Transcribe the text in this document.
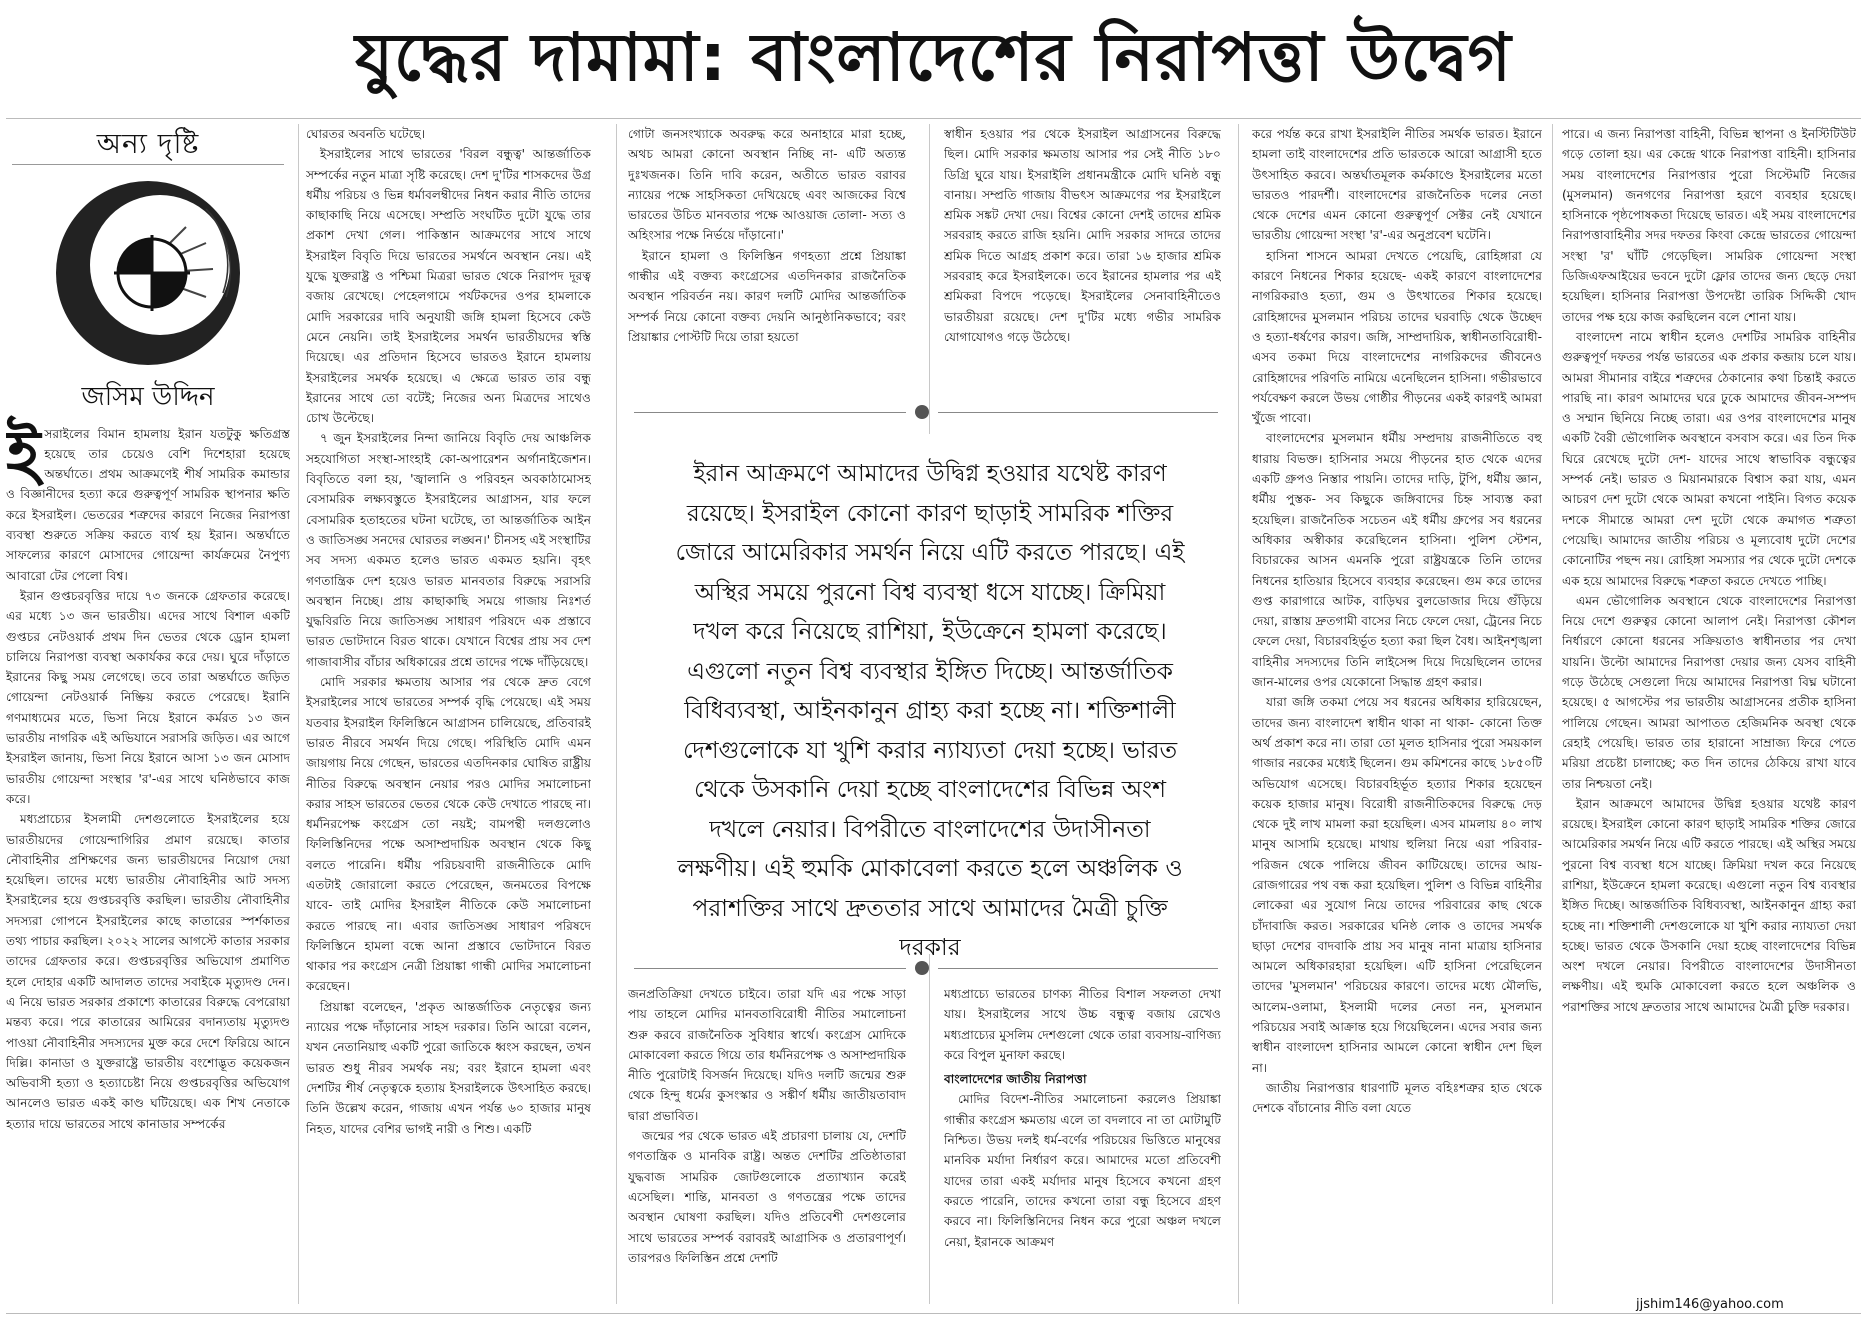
যুদ্ধের দামামা: বাংলাদেশের নিরাপত্তা উদ্বেগ
অন্য দৃষ্টি
জসিম উদ্দিন

ইসরাইলের বিমান হামলায় ইরান যতটুকু ক্ষতিগ্রস্ত হয়েছে তার চেয়েও বেশি দিশেহারা হয়েছে অন্তর্ঘাতে। প্রথম আক্রমণেই শীর্ষ সামরিক কমান্ডার ও বিজ্ঞানীদের হত্যা করে গুরুত্বপূর্ণ সামরিক স্থাপনার ক্ষতি করে ইসরাইল। ভেতরের শত্রুদের কারণে নিজের নিরাপত্তা ব্যবস্থা শুরুতে সক্রিয় করতে ব্যর্থ হয় ইরান। অন্তর্ঘাতে সাফল্যের কারণে মোসাদের গোয়েন্দা কার্যক্রমের নৈপুণ্য আবারো টের পেলো বিশ্ব।

ইরান গুপ্তচরবৃত্তির দায়ে ৭৩ জনকে গ্রেফতার করেছে। এর মধ্যে ১৩ জন ভারতীয়। এদের সাথে বিশাল একটি গুপ্তচর নেটওয়ার্ক প্রথম দিন ভেতর থেকে ড্রোন হামলা চালিয়ে নিরাপত্তা ব্যবস্থা অকার্যকর করে দেয়। ঘুরে দাঁড়াতে ইরানের কিছু সময় লেগেছে। তবে তারা অন্তর্ঘাতে জড়িত গোয়েন্দা নেটওয়ার্ক নিষ্ক্রিয় করতে পেরেছে। ইরানি গণমাধ্যমের মতে, ভিসা নিয়ে ইরানে কর্মরত ১৩ জন ভারতীয় নাগরিক এই অভিযানে সরাসরি জড়িত। এর আগে ইসরাইল জানায়, ভিসা নিয়ে ইরানে আসা ১৩ জন মোসাদ ভারতীয় গোয়েন্দা সংস্থার 'র'-এর সাথে ঘনিষ্ঠভাবে কাজ করে।

মধ্যপ্রাচ্যের ইসলামী দেশগুলোতে ইসরাইলের হয়ে ভারতীয়দের গোয়েন্দাগিরির প্রমাণ রয়েছে। কাতার নৌবাহিনীর প্রশিক্ষণের জন্য ভারতীয়দের নিয়োগ দেয়া হয়েছিল। তাদের মধ্যে ভারতীয় নৌবাহিনীর আট সদস্য ইসরাইলের হয়ে গুপ্তচরবৃত্তি করছিল। ভারতীয় নৌবাহিনীর সদস্যরা গোপনে ইসরাইলের কাছে কাতারের স্পর্শকাতর তথ্য পাচার করছিল। ২০২২ সালের আগস্টে কাতার সরকার তাদের গ্রেফতার করে। গুপ্তচরবৃত্তির অভিযোগ প্রমাণিত হলে দোহার একটি আদালত তাদের সবাইকে মৃত্যুদণ্ড দেন। এ নিয়ে ভারত সরকার প্রকাশ্যে কাতারের বিরুদ্ধে বেপরোয়া মন্তব্য করে। পরে কাতারের আমিরের বদান্যতায় মৃত্যুদণ্ড পাওয়া নৌবাহিনীর সদস্যদের মুক্ত করে দেশে ফিরিয়ে আনে দিল্লি। কানাডা ও যুক্তরাষ্ট্রে ভারতীয় বংশোদ্ভূত কয়েকজন অভিবাসী হত্যা ও হত্যাচেষ্টা নিয়ে গুপ্তচরবৃত্তির অভিযোগ আনলেও ভারত একই কাণ্ড ঘটিয়েছে। এক শিখ নেতাকে হত্যার দায়ে ভারতের সাথে কানাডার সম্পর্কের

ঘোরতর অবনতি ঘটেছে।

ইসরাইলের সাথে ভারতের 'বিরল বন্ধুত্ব' আন্তর্জাতিক সম্পর্কের নতুন মাত্রা সৃষ্টি করেছে। দেশ দু'টির শাসকদের উগ্র ধর্মীয় পরিচয় ও ভিন্ন ধর্মাবলম্বীদের নিধন করার নীতি তাদের কাছাকাছি নিয়ে এসেছে। সম্প্রতি সংঘটিত দুটো যুদ্ধে তার প্রকাশ দেখা গেল। পাকিস্তান আক্রমণের সাথে সাথে ইসরাইল বিবৃতি দিয়ে ভারতের সমর্থনে অবস্থান নেয়। এই যুদ্ধে যুক্তরাষ্ট্র ও পশ্চিমা মিত্ররা ভারত থেকে নিরাপদ দূরত্ব বজায় রেখেছে। পেহেলগামে পর্যটকদের ওপর হামলাকে মোদি সরকারের দাবি অনুযায়ী জঙ্গি হামলা হিসেবে কেউ মেনে নেয়নি। তাই ইসরাইলের সমর্থন ভারতীয়দের স্বস্তি দিয়েছে। এর প্রতিদান হিসেবে ভারতও ইরানে হামলায় ইসরাইলের সমর্থক হয়েছে। এ ক্ষেত্রে ভারত তার বন্ধু ইরানের সাথে তো বটেই; নিজের অন্য মিত্রদের সাথেও চোখ উল্টেছে।

৭ জুন ইসরাইলের নিন্দা জানিয়ে বিবৃতি দেয় আঞ্চলিক সহযোগিতা সংস্থা-সাংহাই কো-অপারেশন অর্গানাইজেশন। বিবৃতিতে বলা হয়, 'জ্বালানি ও পরিবহন অবকাঠামোসহ বেসামরিক লক্ষ্যবস্তুতে ইসরাইলের আগ্রাসন, যার ফলে বেসামরিক হতাহতের ঘটনা ঘটেছে, তা আন্তর্জাতিক আইন ও জাতিসঙ্ঘ সনদের ঘোরতর লঙ্ঘন।' চীনসহ এই সংস্থাটির সব সদস্য একমত হলেও ভারত একমত হয়নি। বৃহৎ গণতান্ত্রিক দেশ হয়েও ভারত মানবতার বিরুদ্ধে সরাসরি অবস্থান নিচ্ছে। প্রায় কাছাকাছি সময়ে গাজায় নিঃশর্ত যুদ্ধবিরতি নিয়ে জাতিসঙ্ঘ সাধারণ পরিষদে এক প্রস্তাবে ভারত ভোটদানে বিরত থাকে। যেখানে বিশ্বের প্রায় সব দেশ গাজাবাসীর বাঁচার অধিকারের প্রশ্নে তাদের পক্ষে দাঁড়িয়েছে।

মোদি সরকার ক্ষমতায় আসার পর থেকে দ্রুত বেগে ইসরাইলের সাথে ভারতের সম্পর্ক বৃদ্ধি পেয়েছে। এই সময় যতবার ইসরাইল ফিলিস্তিনে আগ্রাসন চালিয়েছে, প্রতিবারই ভারত নীরবে সমর্থন দিয়ে গেছে। পরিস্থিতি মোদি এমন জায়গায় নিয়ে গেছেন, ভারতের এতদিনকার ঘোষিত রাষ্ট্রীয় নীতির বিরুদ্ধে অবস্থান নেয়ার পরও মোদির সমালোচনা করার সাহস ভারতের ভেতর থেকে কেউ দেখাতে পারছে না। ধর্মনিরপেক্ষ কংগ্রেস তো নয়ই; বামপন্থী দলগুলোও ফিলিস্তিনিদের পক্ষে অসাম্প্রদায়িক অবস্থান থেকে কিছু বলতে পারেনি। ধর্মীয় পরিচয়বাদী রাজনীতিকে মোদি এতটাই জোরালো করতে পেরেছেন, জনমতের বিপক্ষে যাবে- তাই মোদির ইসরাইল নীতিকে কেউ সমালোচনা করতে পারছে না। এবার জাতিসঙ্ঘ সাধারণ পরিষদে ফিলিস্তিনে হামলা বন্ধে আনা প্রস্তাবে ভোটদানে বিরত থাকার পর কংগ্রেস নেত্রী প্রিয়াঙ্কা গান্ধী মোদির সমালোচনা করেছেন।

প্রিয়াঙ্কা বলেছেন, 'প্রকৃত আন্তর্জাতিক নেতৃত্বের জন্য ন্যায়ের পক্ষে দাঁড়ানোর সাহস দরকার। তিনি আরো বলেন, যখন নেতানিয়াহু একটি পুরো জাতিকে ধ্বংস করছেন, তখন ভারত শুধু নীরব সমর্থক নয়; বরং ইরানে হামলা এবং দেশটির শীর্ষ নেতৃত্বকে হত্যায় ইসরাইলকে উৎসাহিত করছে। তিনি উল্লেখ করেন, গাজায় এখন পর্যন্ত ৬০ হাজার মানুষ নিহত, যাদের বেশির ভাগই নারী ও শিশু। একটি

গোটা জনসংখ্যাকে অবরুদ্ধ করে অনাহারে মারা হচ্ছে, অথচ আমরা কোনো অবস্থান নিচ্ছি না- এটি অত্যন্ত দুঃখজনক। তিনি দাবি করেন, অতীতে ভারত বরাবর ন্যায়ের পক্ষে সাহসিকতা দেখিয়েছে এবং আজকের বিশ্বে ভারতের উচিত মানবতার পক্ষে আওয়াজ তোলা- সত্য ও অহিংসার পক্ষে নির্ভয়ে দাঁড়ানো।'

ইরানে হামলা ও ফিলিস্তিন গণহত্যা প্রশ্নে প্রিয়াঙ্কা গান্ধীর এই বক্তব্য কংগ্রেসের এতদিনকার রাজনৈতিক অবস্থান পরিবর্তন নয়। কারণ দলটি মোদির আন্তর্জাতিক সম্পর্ক নিয়ে কোনো বক্তব্য দেয়নি আনুষ্ঠানিকভাবে; বরং প্রিয়াঙ্কার পোস্টটি দিয়ে তারা হয়তো

স্বাধীন হওয়ার পর থেকে ইসরাইল আগ্রাসনের বিরুদ্ধে ছিল। মোদি সরকার ক্ষমতায় আসার পর সেই নীতি ১৮০ ডিগ্রি ঘুরে যায়। ইসরাইলি প্রধানমন্ত্রীকে মোদি ঘনিষ্ঠ বন্ধু বানায়। সম্প্রতি গাজায় বীভৎস আক্রমণের পর ইসরাইলে শ্রমিক সঙ্কট দেখা দেয়। বিশ্বের কোনো দেশই তাদের শ্রমিক সরবরাহ করতে রাজি হয়নি। মোদি সরকার সাদরে তাদের শ্রমিক দিতে আগ্রহ প্রকাশ করে। তারা ১৬ হাজার শ্রমিক সরবরাহ করে ইসরাইলকে। তবে ইরানের হামলার পর এই শ্রমিকরা বিপদে পড়েছে। ইসরাইলের সেনাবাহিনীতেও ভারতীয়রা রয়েছে। দেশ দু'টির মধ্যে গভীর সামরিক যোগাযোগও গড়ে উঠেছে।

ইরান আক্রমণে আমাদের উদ্বিগ্ন হওয়ার যথেষ্ট কারণ রয়েছে। ইসরাইল কোনো কারণ ছাড়াই সামরিক শক্তির জোরে আমেরিকার সমর্থন নিয়ে এটি করতে পারছে। এই অস্থির সময়ে পুরনো বিশ্ব ব্যবস্থা ধসে যাচ্ছে। ক্রিমিয়া দখল করে নিয়েছে রাশিয়া, ইউক্রেনে হামলা করেছে। এগুলো নতুন বিশ্ব ব্যবস্থার ইঙ্গিত দিচ্ছে। আন্তর্জাতিক বিধিব্যবস্থা, আইনকানুন গ্রাহ্য করা হচ্ছে না। শক্তিশালী দেশগুলোকে যা খুশি করার ন্যায্যতা দেয়া হচ্ছে। ভারত থেকে উসকানি দেয়া হচ্ছে বাংলাদেশের বিভিন্ন অংশ দখলে নেয়ার। বিপরীতে বাংলাদেশের উদাসীনতা লক্ষণীয়। এই হুমকি মোকাবেলা করতে হলে অঞ্চলিক ও পরাশক্তির সাথে দ্রুততার সাথে আমাদের মৈত্রী চুক্তি দরকার

জনপ্রতিক্রিয়া দেখতে চাইবে। তারা যদি এর পক্ষে সাড়া পায় তাহলে মোদির মানবতাবিরোধী নীতির সমালোচনা শুরু করবে রাজনৈতিক সুবিধার স্বার্থে। কংগ্রেস মোদিকে মোকাবেলা করতে গিয়ে তার ধর্মনিরপেক্ষ ও অসাম্প্রদায়িক নীতি পুরোটাই বিসর্জন দিয়েছে। যদিও দলটি জন্মের শুরু থেকে হিন্দু ধর্মের কুসংস্কার ও সঙ্কীর্ণ ধর্মীয় জাতীয়তাবাদ দ্বারা প্রভাবিত।

জন্মের পর থেকে ভারত এই প্রচারণা চালায় যে, দেশটি গণতান্ত্রিক ও মানবিক রাষ্ট্র। অন্তত দেশটির প্রতিষ্ঠাতারা যুদ্ধবাজ সামরিক জোটগুলোকে প্রত্যাখ্যান করেই এসেছিল। শান্তি, মানবতা ও গণতন্ত্রের পক্ষে তাদের অবস্থান ঘোষণা করছিল। যদিও প্রতিবেশী দেশগুলোর সাথে ভারতের সম্পর্ক বরাবরই আগ্রাসিক ও প্রতারণাপূর্ণ। তারপরও ফিলিস্তিন প্রশ্নে দেশটি

মধ্যপ্রাচ্যে ভারতের চাণক্য নীতির বিশাল সফলতা দেখা যায়। ইসরাইলের সাথে উচ্চ বন্ধুত্ব বজায় রেখেও মধ্যপ্রাচ্যের মুসলিম দেশগুলো থেকে তারা ব্যবসায়-বাণিজ্য করে বিপুল মুনাফা করছে।

বাংলাদেশের জাতীয় নিরাপত্তা

মোদির বিদেশ-নীতির সমালোচনা করলেও প্রিয়াঙ্কা গান্ধীর কংগ্রেস ক্ষমতায় এলে তা বদলাবে না তা মোটামুটি নিশ্চিত। উভয় দলই ধর্ম-বর্ণের পরিচয়ের ভিত্তিতে মানুষের মানবিক মর্যাদা নির্ধারণ করে। আমাদের মতো প্রতিবেশী যাদের তারা একই মর্যাদার মানুষ হিসেবে কখনো গ্রহণ করতে পারেনি, তাদের কখনো তারা বন্ধু হিসেবে গ্রহণ করবে না। ফিলিস্তিনিদের নিধন করে পুরো অঞ্চল দখলে নেয়া, ইরানকে আক্রমণ

করে পর্যন্ত করে রাখা ইসরাইলি নীতির সমর্থক ভারত। ইরানে হামলা তাই বাংলাদেশের প্রতি ভারতকে আরো আগ্রাসী হতে উৎসাহিত করবে। অন্তর্ঘাতমূলক কর্মকাণ্ডে ইসরাইলের মতো ভারতও পারদর্শী। বাংলাদেশের রাজনৈতিক দলের নেতা থেকে দেশের এমন কোনো গুরুত্বপূর্ণ সেক্টর নেই যেখানে ভারতীয় গোয়েন্দা সংস্থা 'র'-এর অনুপ্রবেশ ঘটেনি।

হাসিনা শাসনে আমরা দেখতে পেয়েছি, রোহিঙ্গারা যে কারণে নিধনের শিকার হয়েছে- একই কারণে বাংলাদেশের নাগরিকরাও হত্যা, গুম ও উৎখাতের শিকার হয়েছে। রোহিঙ্গাদের মুসলমান পরিচয় তাদের ঘরবাড়ি থেকে উচ্ছেদ ও হত্যা-ধর্ষণের কারণ। জঙ্গি, সাম্প্রদায়িক, স্বাধীনতাবিরোধী- এসব তকমা দিয়ে বাংলাদেশের নাগরিকদের জীবনেও রোহিঙ্গাদের পরিণতি নামিয়ে এনেছিলেন হাসিনা। গভীরভাবে পর্যবেক্ষণ করলে উভয় গোষ্ঠীর পীড়নের একই কারণই আমরা খুঁজে পাবো।

বাংলাদেশের মুসলমান ধর্মীয় সম্প্রদায় রাজনীতিতে বহু ধারায় বিভক্ত। হাসিনার সময়ে পীড়নের হাত থেকে এদের একটি গ্রুপও নিস্তার পায়নি। তাদের দাড়ি, টুপি, ধর্মীয় জ্ঞান, ধর্মীয় পুস্তক- সব কিছুকে জঙ্গিবাদের চিহ্ন সাব্যস্ত করা হয়েছিল। রাজনৈতিক সচেতন এই ধর্মীয় গ্রুপের সব ধরনের অধিকার অস্বীকার করেছিলেন হাসিনা। পুলিশ স্টেশন, বিচারকের আসন এমনকি পুরো রাষ্ট্রযন্ত্রকে তিনি তাদের নিধনের হাতিয়ার হিসেবে ব্যবহার করেছেন। গুম করে তাদের গুপ্ত কারাগারে আটক, বাড়িঘর বুলডোজার দিয়ে গুঁড়িয়ে দেয়া, রাস্তায় দ্রুতগামী বাসের নিচে ফেলে দেয়া, ট্রেনের নিচে ফেলে দেয়া, বিচারবহির্ভূত হত্যা করা ছিল বৈধ। আইনশৃঙ্খলা বাহিনীর সদস্যদের তিনি লাইসেন্স দিয়ে দিয়েছিলেন তাদের জান-মালের ওপর যেকোনো সিদ্ধান্ত গ্রহণ করার।

যারা জঙ্গি তকমা পেয়ে সব ধরনের অধিকার হারিয়েছেন, তাদের জন্য বাংলাদেশ স্বাধীন থাকা না থাকা- কোনো তিক্ত অর্থ প্রকাশ করে না। তারা তো মূলত হাসিনার পুরো সময়কাল গাজার নরকের মধ্যেই ছিলেন। গুম কমিশনের কাছে ১৮৫০টি অভিযোগ এসেছে। বিচারবহির্ভূত হত্যার শিকার হয়েছেন কয়েক হাজার মানুষ। বিরোধী রাজনীতিকদের বিরুদ্ধে দেড় থেকে দুই লাখ মামলা করা হয়েছিল। এসব মামলায় ৪০ লাখ মানুষ আসামি হয়েছে। মাথায় হুলিয়া নিয়ে এরা পরিবার-পরিজন থেকে পালিয়ে জীবন কাটিয়েছে। তাদের আয়-রোজগারের পথ বন্ধ করা হয়েছিল। পুলিশ ও বিভিন্ন বাহিনীর লোকেরা এর সুযোগ নিয়ে তাদের পরিবারের কাছ থেকে চাঁদাবাজি করত। সরকারের ঘনিষ্ঠ লোক ও তাদের সমর্থক ছাড়া দেশের বাদবাকি প্রায় সব মানুষ নানা মাত্রায় হাসিনার আমলে অধিকারহারা হয়েছিল। এটি হাসিনা পেরেছিলেন তাদের 'মুসলমান' পরিচয়ের কারণে। তাদের মধ্যে মৌলভি, আলেম-ওলামা, ইসলামী দলের নেতা নন, মুসলমান পরিচয়ের সবাই আক্রান্ত হয়ে গিয়েছিলেন। এদের সবার জন্য স্বাধীন বাংলাদেশ হাসিনার আমলে কোনো স্বাধীন দেশ ছিল না।

জাতীয় নিরাপত্তার ধারণাটি মূলত বহিঃশত্রুর হাত থেকে দেশকে বাঁচানোর নীতি বলা যেতে

পারে। এ জন্য নিরাপত্তা বাহিনী, বিভিন্ন স্থাপনা ও ইনস্টিটিউট গড়ে তোলা হয়। এর কেন্দ্রে থাকে নিরাপত্তা বাহিনী। হাসিনার সময় বাংলাদেশের নিরাপত্তার পুরো সিস্টেমটি নিজের (মুসলমান) জনগণের নিরাপত্তা হরণে ব্যবহার হয়েছে। হাসিনাকে পৃষ্ঠপোষকতা দিয়েছে ভারত। এই সময় বাংলাদেশের নিরাপত্তাবাহিনীর সদর দফতর কিংবা কেন্দ্রে ভারতের গোয়েন্দা সংস্থা 'র' ঘাঁটি গেড়েছিল। সামরিক গোয়েন্দা সংস্থা ডিজিএফআইয়ের ভবনে দুটো ফ্লোর তাদের জন্য ছেড়ে দেয়া হয়েছিল। হাসিনার নিরাপত্তা উপদেষ্টা তারিক সিদ্দিকী খোদ তাদের পক্ষ হয়ে কাজ করছিলেন বলে শোনা যায়।

বাংলাদেশ নামে স্বাধীন হলেও দেশটির সামরিক বাহিনীর গুরুত্বপূর্ণ দফতর পর্যন্ত ভারতের এক প্রকার কব্জায় চলে যায়। আমরা সীমানার বাইরে শত্রুদের ঠেকানোর কথা চিন্তাই করতে পারছি না। কারণ আমাদের ঘরে ঢুকে আমাদের জীবন-সম্পদ ও সম্মান ছিনিয়ে নিচ্ছে তারা। এর ওপর বাংলাদেশের মানুষ একটি বৈরী ভৌগোলিক অবস্থানে বসবাস করে। এর তিন দিক ঘিরে রেখেছে দুটো দেশ- যাদের সাথে স্বাভাবিক বন্ধুত্বের সম্পর্ক নেই। ভারত ও মিয়ানমারকে বিশ্বাস করা যায়, এমন আচরণ দেশ দুটো থেকে আমরা কখনো পাইনি। বিগত কয়েক দশকে সীমান্তে আমরা দেশ দুটো থেকে ক্রমাগত শত্রুতা পেয়েছি। আমাদের জাতীয় পরিচয় ও মূল্যবোধ দুটো দেশের কোনোটির পছন্দ নয়। রোহিঙ্গা সমস্যার পর থেকে দুটো দেশকে এক হয়ে আমাদের বিরুদ্ধে শত্রুতা করতে দেখতে পাচ্ছি।

এমন ভৌগোলিক অবস্থানে থেকে বাংলাদেশের নিরাপত্তা নিয়ে দেশে গুরুত্বর কোনো আলাপ নেই। নিরাপত্তা কৌশল নির্ধারণে কোনো ধরনের সক্রিয়তাও স্বাধীনতার পর দেখা যায়নি। উল্টো আমাদের নিরাপত্তা দেয়ার জন্য যেসব বাহিনী গড়ে উঠেছে সেগুলো দিয়ে আমাদের নিরাপত্তা বিঘ্ন ঘটানো হয়েছে। ৫ আগস্টের পর ভারতীয় আগ্রাসনের প্রতীক হাসিনা পালিয়ে গেছেন। আমরা আপাতত হেজিমনিক অবস্থা থেকে রেহাই পেয়েছি। ভারত তার হারানো সাম্রাজ্য ফিরে পেতে মরিয়া প্রচেষ্টা চালাচ্ছে; কত দিন তাদের ঠেকিয়ে রাখা যাবে তার নিশ্চয়তা নেই।

ইরান আক্রমণে আমাদের উদ্বিগ্ন হওয়ার যথেষ্ট কারণ রয়েছে। ইসরাইল কোনো কারণ ছাড়াই সামরিক শক্তির জোরে আমেরিকার সমর্থন নিয়ে এটি করতে পারছে। এই অস্থির সময়ে পুরনো বিশ্ব ব্যবস্থা ধসে যাচ্ছে। ক্রিমিয়া দখল করে নিয়েছে রাশিয়া, ইউক্রেনে হামলা করেছে। এগুলো নতুন বিশ্ব ব্যবস্থার ইঙ্গিত দিচ্ছে। আন্তর্জাতিক বিধিব্যবস্থা, আইনকানুন গ্রাহ্য করা হচ্ছে না। শক্তিশালী দেশগুলোকে যা খুশি করার ন্যায্যতা দেয়া হচ্ছে। ভারত থেকে উসকানি দেয়া হচ্ছে বাংলাদেশের বিভিন্ন অংশ দখলে নেয়ার। বিপরীতে বাংলাদেশের উদাসীনতা লক্ষণীয়। এই হুমকি মোকাবেলা করতে হলে অঞ্চলিক ও পরাশক্তির সাথে দ্রুততার সাথে আমাদের মৈত্রী চুক্তি দরকার।

jjshim146@yahoo.com
